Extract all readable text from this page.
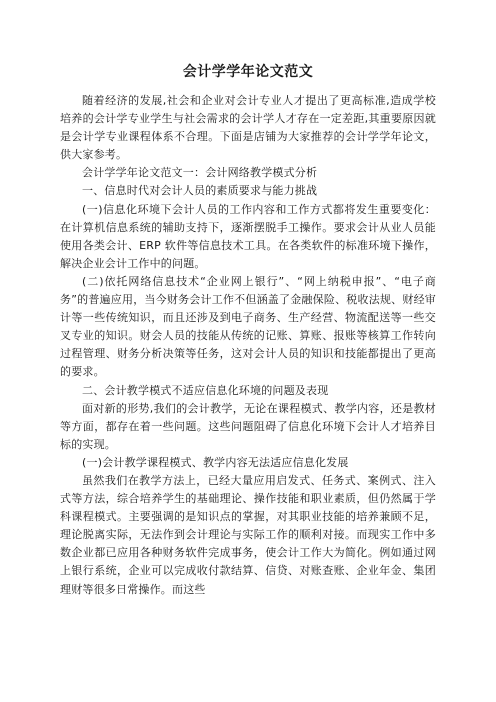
会计学学年论文范文

随着经济的发展,社会和企业对会计专业人才提出了更高标准,造成学校培养的会计学专业学生与社会需求的会计学人才存在一定差距,其重要原因就是会计学专业课程体系不合理。下面是店铺为大家推荐的会计学学年论文，供大家参考。

会计学学年论文范文一：会计网络教学模式分析

一、信息时代对会计人员的素质要求与能力挑战

(一)信息化环境下会计人员的工作内容和工作方式都将发生重要变化：在计算机信息系统的辅助支持下，逐渐摆脱手工操作。要求会计从业人员能使用各类会计、ERP 软件等信息技术工具。在各类软件的标准环境下操作，解决企业会计工作中的问题。

(二)依托网络信息技术“企业网上银行”、“网上纳税申报”、“电子商务”的普遍应用，当今财务会计工作不但涵盖了金融保险、税收法规、财经审计等一些传统知识，而且还涉及到电子商务、生产经营、物流配送等一些交叉专业的知识。财会人员的技能从传统的记账、算账、报账等核算工作转向过程管理、财务分析决策等任务，这对会计人员的知识和技能都提出了更高的要求。

二、会计教学模式不适应信息化环境的问题及表现

面对新的形势,我们的会计教学，无论在课程模式、教学内容，还是教材等方面，都存在着一些问题。这些问题阻碍了信息化环境下会计人才培养目标的实现。

(一)会计教学课程模式、教学内容无法适应信息化发展

虽然我们在教学方法上，已经大量应用启发式、任务式、案例式、注入式等方法，综合培养学生的基础理论、操作技能和职业素质，但仍然属于学科课程模式。主要强调的是知识点的掌握，对其职业技能的培养兼顾不足，理论脱离实际，无法作到会计理论与实际工作的顺利对接。而现实工作中多数企业都已应用各种财务软件完成事务，使会计工作大为简化。例如通过网上银行系统，企业可以完成收付款结算、信贷、对账查账、企业年金、集团理财等很多日常操作。而这些
